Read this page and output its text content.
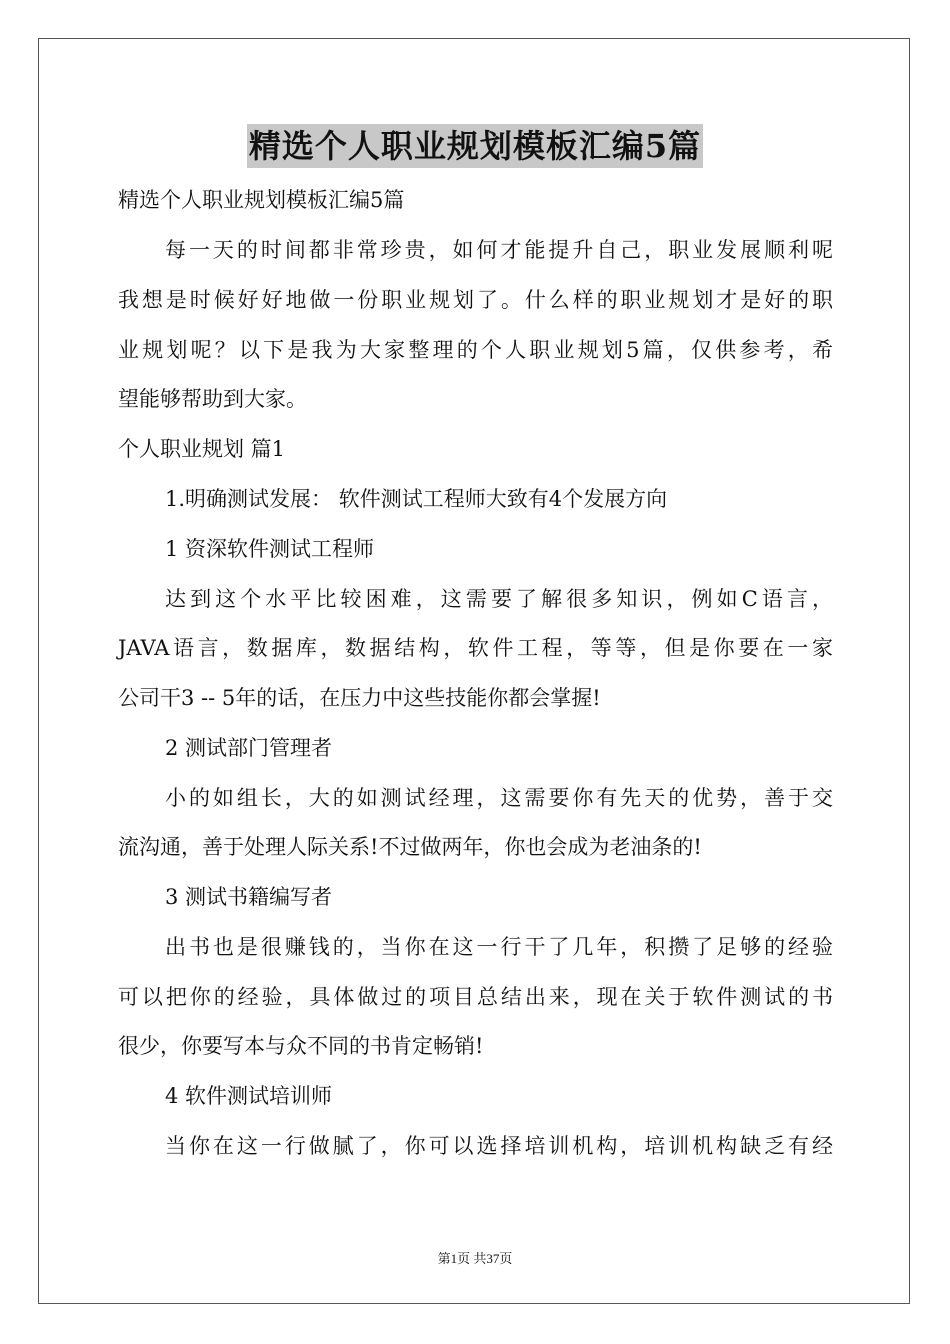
精选个人职业规划模板汇编5篇
精选个人职业规划模板汇编5篇
每一天的时间都非常珍贵，如何才能提升自己，职业发展顺利呢
我想是时候好好地做一份职业规划了。什么样的职业规划才是好的职
业规划呢？以下是我为大家整理的个人职业规划5篇，仅供参考，希
望能够帮助到大家。
个人职业规划 篇1
1.明确测试发展： 软件测试工程师大致有4个发展方向
1 资深软件测试工程师
达到这个水平比较困难，这需要了解很多知识，例如C语言，
JAVA语言，数据库，数据结构，软件工程，等等，但是你要在一家
公司干3 -- 5年的话，在压力中这些技能你都会掌握!
2 测试部门管理者
小的如组长，大的如测试经理，这需要你有先天的优势，善于交
流沟通，善于处理人际关系!不过做两年，你也会成为老油条的!
3 测试书籍编写者
出书也是很赚钱的，当你在这一行干了几年，积攒了足够的经验
可以把你的经验，具体做过的项目总结出来，现在关于软件测试的书
很少，你要写本与众不同的书肯定畅销!
4 软件测试培训师
当你在这一行做腻了，你可以选择培训机构，培训机构缺乏有经
第1页 共37页
